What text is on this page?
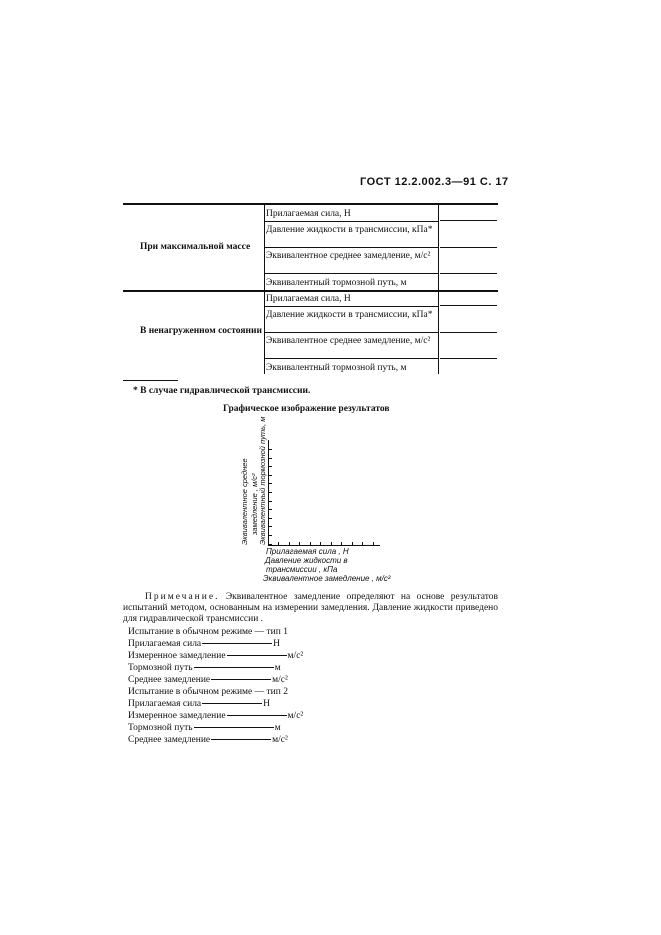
ГОСТ 12.2.002.3—91 С. 17
При максимальной массе
Прилагаемая сила, Н
Давление жидкости в трансмиссии, кПа*
Эквивалентное среднее замедление, м/с²
Эквивалентный тормозной путь, м
В ненагруженном состоянии
Прилагаемая сила, Н
Давление жидкости в трансмиссии, кПа*
Эквивалентное среднее замедление, м/с²
Эквивалентный тормозной путь, м
* В случае гидравлической трансмиссии.
Графическое изображение результатов
Эквивалентное среднее замедление , м/с² Эквивалентный тормозной путь, м
Прилагаемая сила , Н
Давление жидкости в
трансмиссии , кПа
Эквивалентное замедление , м/с²
Примечание. Эквивалентное замедление определяют на основе результатов испытаний методом, основанным на измерении замедления. Давление жидкости приведено для гидравлической трансмиссии .
Испытание в обычном режиме — тип 1
Прилагаемая сила	Н
Измеренное замедление	м/с²
Тормозной путь	м
Среднее замедление	м/с²
Испытание в обычном режиме — тип 2
Прилагаемая сила	Н
Измеренное замедление	м/с²
Тормозной путь	м
Среднее замедление	м/с²
